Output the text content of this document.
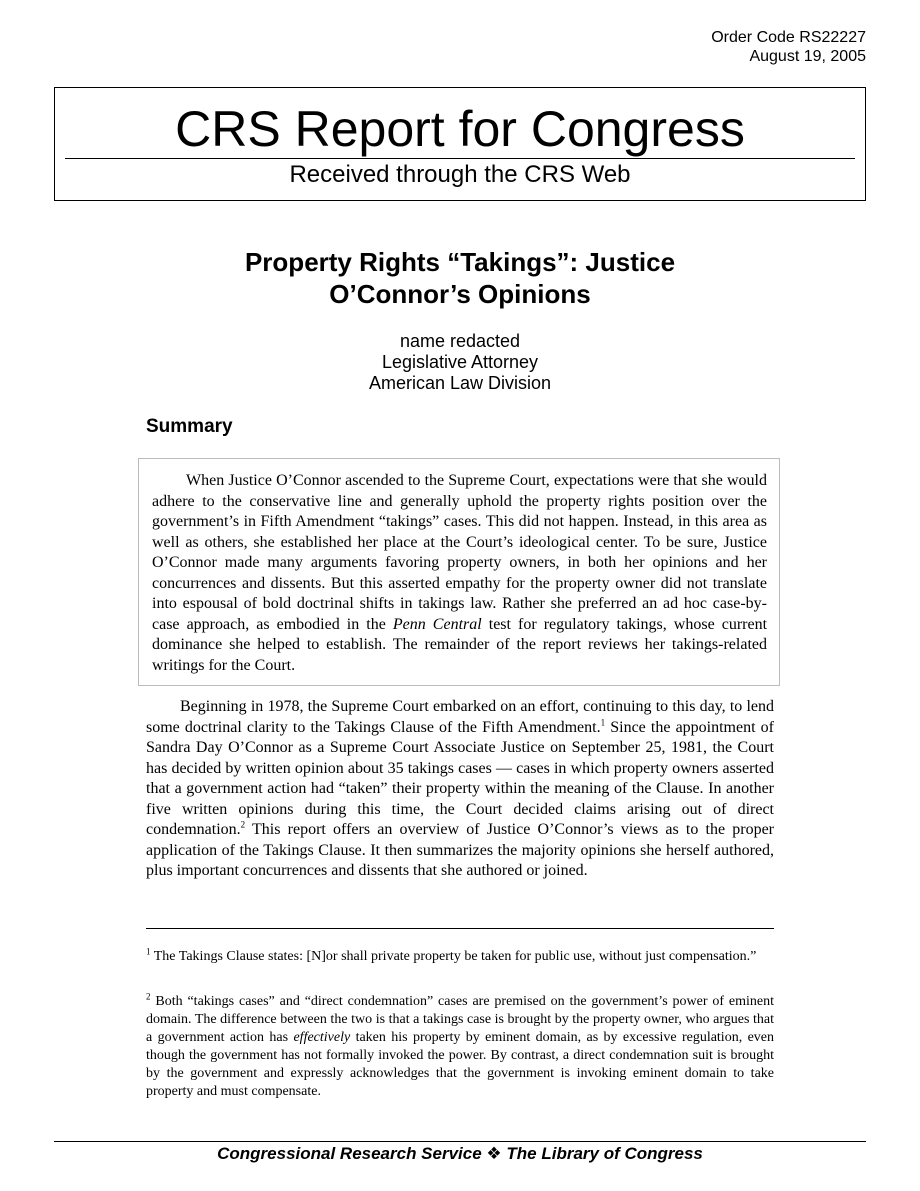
Order Code RS22227
August 19, 2005
CRS Report for Congress
Received through the CRS Web
Property Rights “Takings”: Justice
O’Connor’s Opinions
name redacted
Legislative Attorney
American Law Division
Summary

When Justice O’Connor ascended to the Supreme Court, expectations were that she would adhere to the conservative line and generally uphold the property rights position over the government’s in Fifth Amendment “takings” cases. This did not happen. Instead, in this area as well as others, she established her place at the Court’s ideological center. To be sure, Justice O’Connor made many arguments favoring property owners, in both her opinions and her concurrences and dissents. But this asserted empathy for the property owner did not translate into espousal of bold doctrinal shifts in takings law. Rather she preferred an ad hoc case-by-case approach, as embodied in the Penn Central test for regulatory takings, whose current dominance she helped to establish. The remainder of the report reviews her takings-related writings for the Court.

Beginning in 1978, the Supreme Court embarked on an effort, continuing to this day, to lend some doctrinal clarity to the Takings Clause of the Fifth Amendment.$^1$ Since the appointment of Sandra Day O’Connor as a Supreme Court Associate Justice on September 25, 1981, the Court has decided by written opinion about 35 takings cases — cases in which property owners asserted that a government action had “taken” their property within the meaning of the Clause. In another five written opinions during this time, the Court decided claims arising out of direct condemnation.$^2$ This report offers an overview of Justice O’Connor’s views as to the proper application of the Takings Clause. It then summarizes the majority opinions she herself authored, plus important concurrences and dissents that she authored or joined.

$^1$ The Takings Clause states: [N]or shall private property be taken for public use, without just compensation.”

$^2$ Both “takings cases” and “direct condemnation” cases are premised on the government’s power of eminent domain. The difference between the two is that a takings case is brought by the property owner, who argues that a government action has effectively taken his property by eminent domain, as by excessive regulation, even though the government has not formally invoked the power. By contrast, a direct condemnation suit is brought by the government and expressly acknowledges that the government is invoking eminent domain to take property and must compensate.

Congressional Research Service ❖ The Library of Congress
